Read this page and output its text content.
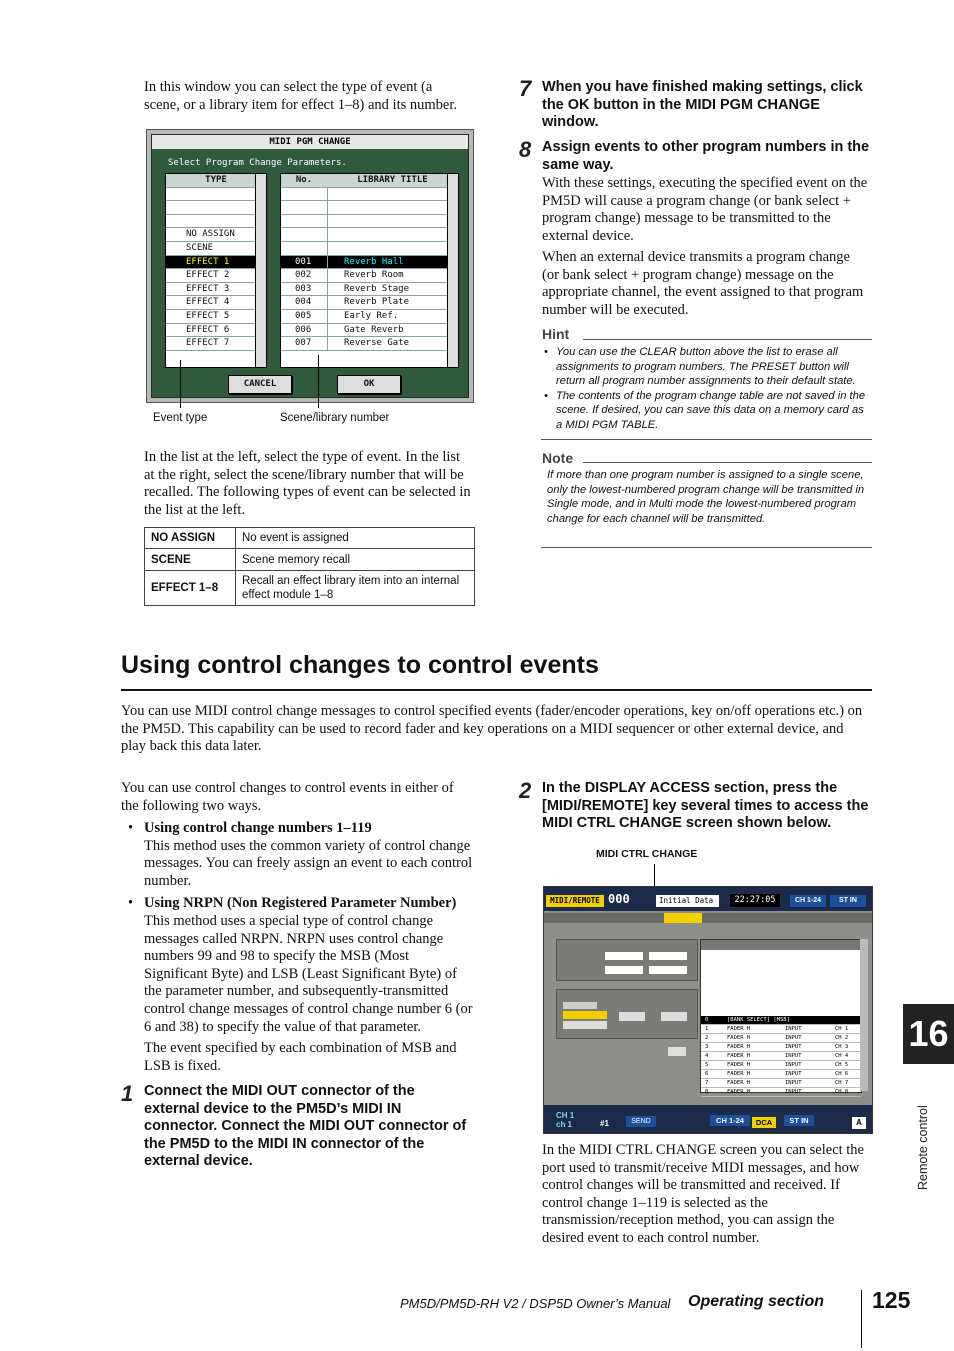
In this window you can select the type of event (a scene, or a library item for effect 1–8) and its number.
MIDI PGM CHANGE
Select Program Change Parameters.
TYPE
NO ASSIGN
SCENE
EFFECT 1
EFFECT 2
EFFECT 3
EFFECT 4
EFFECT 5
EFFECT 6
EFFECT 7
No.	LIBRARY TITLE
001	Reverb Hall
002	Reverb Room
003	Reverb Stage
004	Reverb Plate
005	Early Ref.
006	Gate Reverb
007	Reverse Gate
CANCEL	OK
Event type	Scene/library number
In the list at the left, select the type of event. In the list at the right, select the scene/library number that will be recalled. The following types of event can be selected in the list at the left.
NO ASSIGN	No event is assigned
SCENE	Scene memory recall
EFFECT 1–8	Recall an effect library item into an internal effect module 1–8
7 When you have finished making settings, click the OK button in the MIDI PGM CHANGE window.
8 Assign events to other program numbers in the same way.
With these settings, executing the specified event on the PM5D will cause a program change (or bank select + program change) message to be transmitted to the external device.
When an external device transmits a program change (or bank select + program change) message on the appropriate channel, the event assigned to that program number will be executed.
Hint
• You can use the CLEAR button above the list to erase all assignments to program numbers. The PRESET button will return all program number assignments to their default state.
• The contents of the program change table are not saved in the scene. If desired, you can save this data on a memory card as a MIDI PGM TABLE.
Note
If more than one program number is assigned to a single scene, only the lowest-numbered program change will be transmitted in Single mode, and in Multi mode the lowest-numbered program change for each channel will be transmitted.
Using control changes to control events
You can use MIDI control change messages to control specified events (fader/encoder operations, key on/off operations etc.) on the PM5D. This capability can be used to record fader and key operations on a MIDI sequencer or other external device, and play back this data later.
You can use control changes to control events in either of the following two ways.
• Using control change numbers 1–119
This method uses the common variety of control change messages. You can freely assign an event to each control number.
• Using NRPN (Non Registered Parameter Number)
This method uses a special type of control change messages called NRPN. NRPN uses control change numbers 99 and 98 to specify the MSB (Most Significant Byte) and LSB (Least Significant Byte) of the parameter number, and subsequently-transmitted control change messages of control change number 6 (or 6 and 38) to specify the value of that parameter.
The event specified by each combination of MSB and LSB is fixed.
1 Connect the MIDI OUT connector of the external device to the PM5D’s MIDI IN connector. Connect the MIDI OUT connector of the PM5D to the MIDI IN connector of the external device.
2 In the DISPLAY ACCESS section, press the [MIDI/REMOTE] key several times to access the MIDI CTRL CHANGE screen shown below.
MIDI CTRL CHANGE
MIDI/REMOTE 000	Initial Data	22:27:05	CH 1-24	ST IN
0	[BANK SELECT] [MSB]
1	FADER H	INPUT	CH 1
2	FADER H	INPUT	CH 2
3	FADER H	INPUT	CH 3
4	FADER H	INPUT	CH 4
5	FADER H	INPUT	CH 5
6	FADER H	INPUT	CH 6
7	FADER H	INPUT	CH 7
8	FADER H	INPUT	CH 8
CH 1
ch 1	#1	SEND	CH 1-24	DCA	ST IN	A
In the MIDI CTRL CHANGE screen you can select the port used to transmit/receive MIDI messages, and how control changes will be transmitted and received. If control change 1–119 is selected as the transmission/reception method, you can assign the desired event to each control number.
16
Remote control
PM5D/PM5D-RH V2 / DSP5D Owner’s Manual Operating section 125
